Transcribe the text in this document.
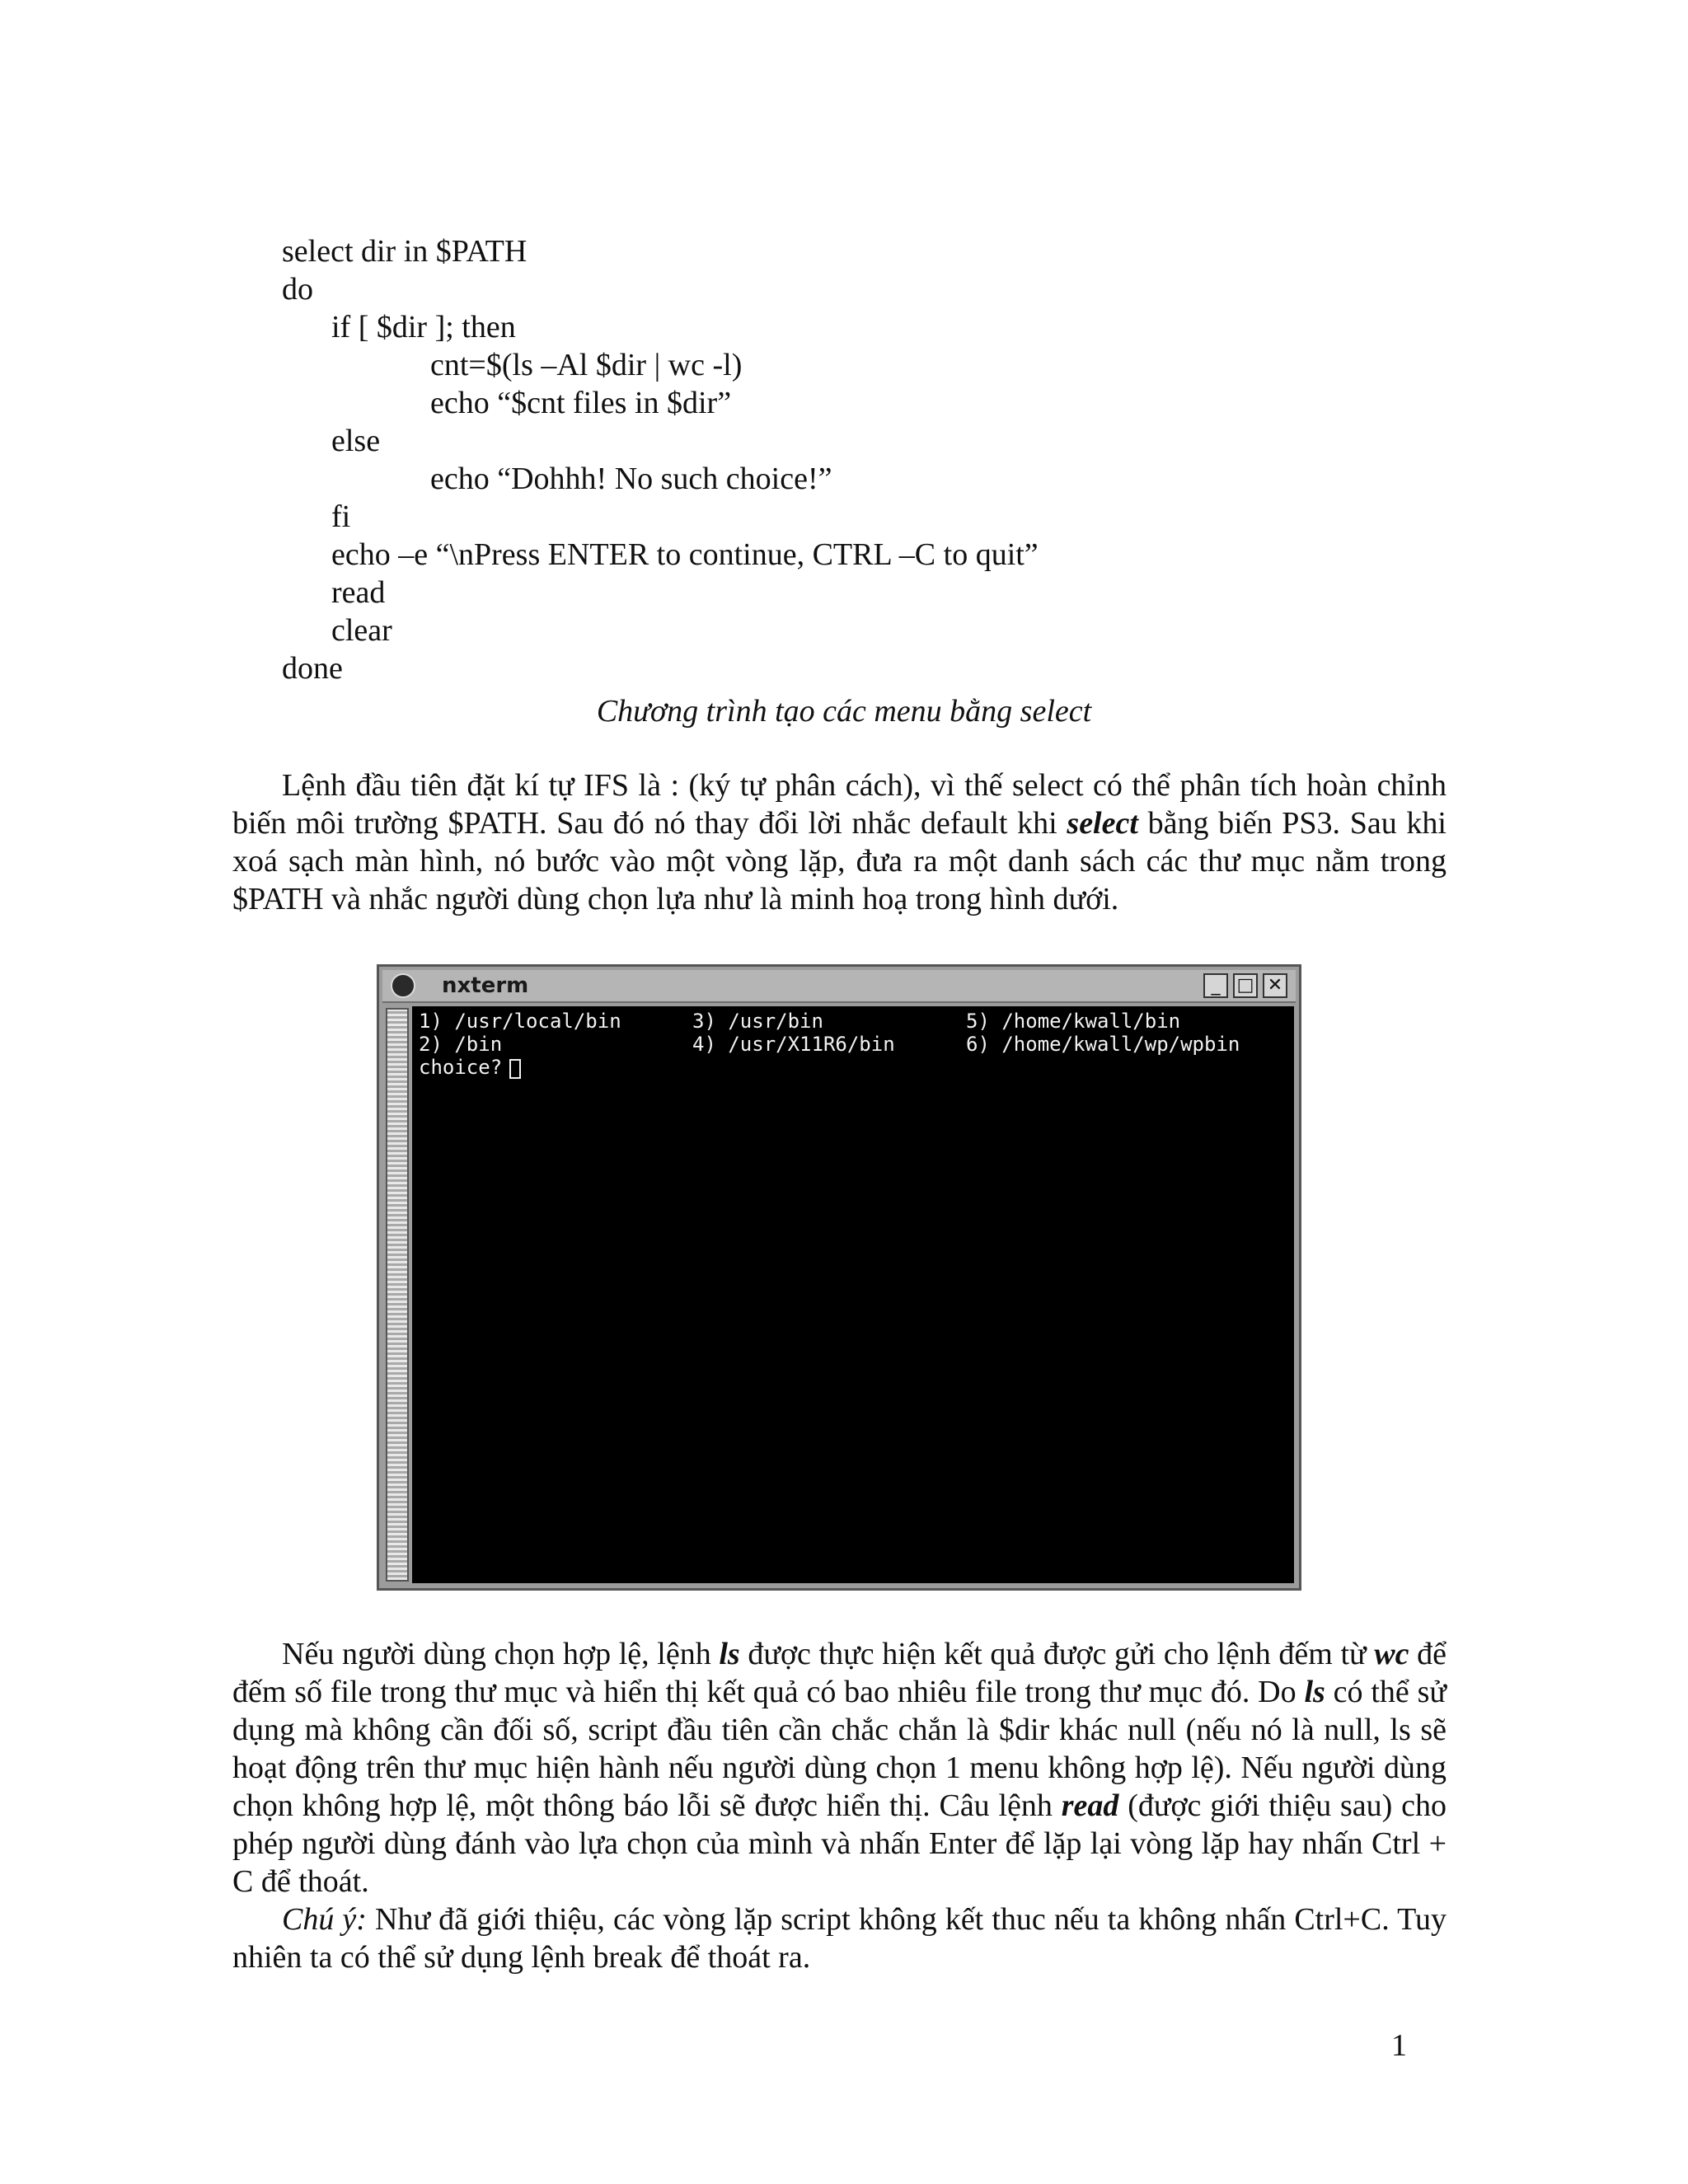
select dir in $PATH
do
if [ $dir ]; then
cnt=$(ls –Al $dir | wc -l)
echo “$cnt files in $dir”
else
echo “Dohhh! No such choice!”
fi
echo –e “\nPress ENTER to continue, CTRL –C to quit”
read
clear
done
Chương trình tạo các menu bằng select
Lệnh đầu tiên đặt kí tự IFS là : (ký tự phân cách), vì thế select có thể phân tích hoàn chỉnh biến môi trường $PATH. Sau đó nó thay đổi lời nhắc default khi select bằng biến PS3. Sau khi xoá sạch màn hình, nó bước vào một vòng lặp, đưa ra một danh sách các thư mục nằm trong $PATH và nhắc người dùng chọn lựa như là minh hoạ trong hình dưới.
nxterm	_ □ ✕
1) /usr/local/bin
2) /bin
3) /usr/bin
4) /usr/X11R6/bin
5) /home/kwall/bin
6) /home/kwall/wp/wpbin
choice?
Nếu người dùng chọn hợp lệ, lệnh ls được thực hiện kết quả được gửi cho lệnh đếm từ wc để đếm số file trong thư mục và hiển thị kết quả có bao nhiêu file trong thư mục đó. Do ls có thể sử dụng mà không cần đối số, script đầu tiên cần chắc chắn là $dir khác null (nếu nó là null, ls sẽ hoạt động trên thư mục hiện hành nếu người dùng chọn 1 menu không hợp lệ). Nếu người dùng chọn không hợp lệ, một thông báo lỗi sẽ được hiển thị. Câu lệnh read (được giới thiệu sau) cho phép người dùng đánh vào lựa chọn của mình và nhấn Enter để lặp lại vòng lặp hay nhấn Ctrl + C để thoát.
Chú ý: Như đã giới thiệu, các vòng lặp script không kết thuc nếu ta không nhấn Ctrl+C. Tuy nhiên ta có thể sử dụng lệnh break để thoát ra.
1
